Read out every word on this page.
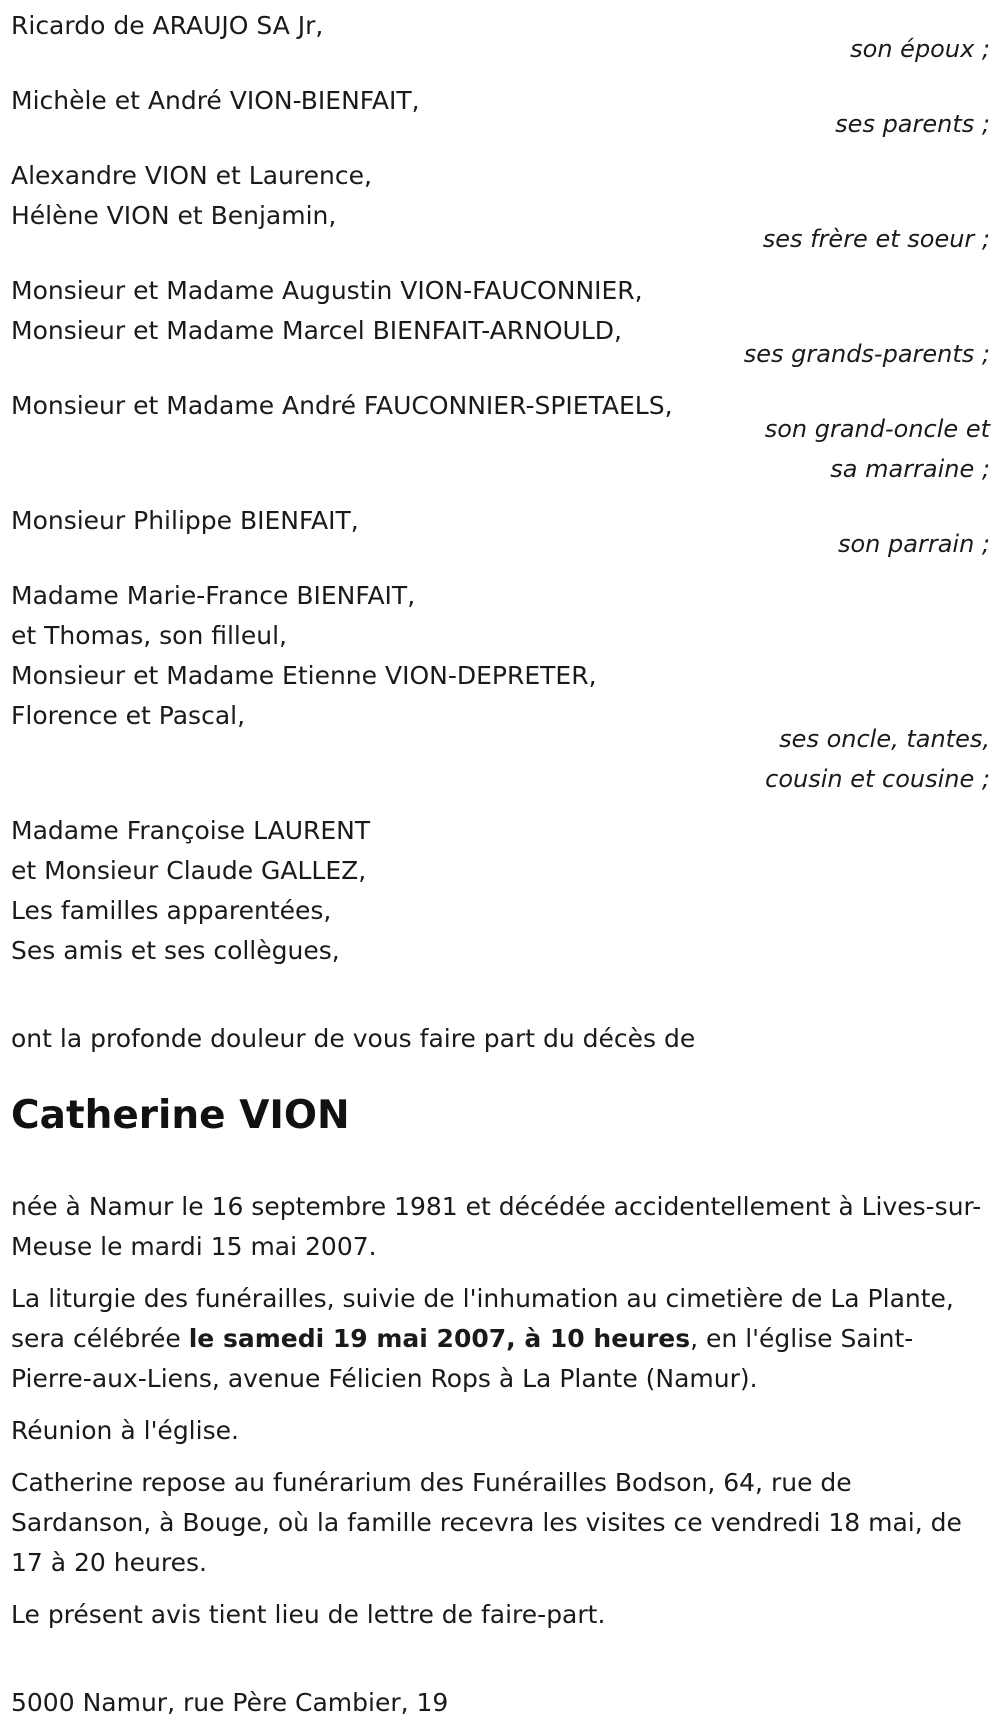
Ricardo de ARAUJO SA Jr,
son époux ;
Michèle et André VION-BIENFAIT,
ses parents ;
Alexandre VION et Laurence,
Hélène VION et Benjamin,
ses frère et soeur ;
Monsieur et Madame Augustin VION-FAUCONNIER,
Monsieur et Madame Marcel BIENFAIT-ARNOULD,
ses grands-parents ;
Monsieur et Madame André FAUCONNIER-SPIETAELS,
son grand-oncle et
sa marraine ;
Monsieur Philippe BIENFAIT,
son parrain ;
Madame Marie-France BIENFAIT,
et Thomas, son filleul,
Monsieur et Madame Etienne VION-DEPRETER,
Florence et Pascal,
ses oncle, tantes,
cousin et cousine ;
Madame Françoise LAURENT
et Monsieur Claude GALLEZ,
Les familles apparentées,
Ses amis et ses collègues,
ont la profonde douleur de vous faire part du décès de
Catherine VION
née à Namur le 16 septembre 1981 et décédée accidentellement à Lives-sur-Meuse le mardi 15 mai 2007.
La liturgie des funérailles, suivie de l'inhumation au cimetière de La Plante, sera célébrée le samedi 19 mai 2007, à 10 heures, en l'église Saint-Pierre-aux-Liens, avenue Félicien Rops à La Plante (Namur).
Réunion à l'église.
Catherine repose au funérarium des Funérailles Bodson, 64, rue de Sardanson, à Bouge, où la famille recevra les visites ce vendredi 18 mai, de 17 à 20 heures.
Le présent avis tient lieu de lettre de faire-part.
5000 Namur, rue Père Cambier, 19
